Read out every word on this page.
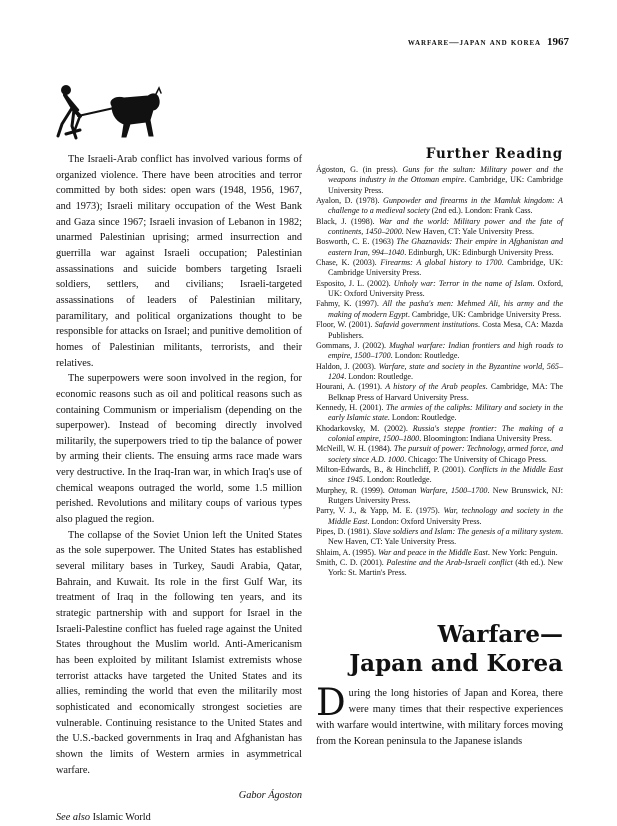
warfare—japan and korea 1967

The Israeli-Arab conflict has involved various forms of organized violence. There have been atrocities and terror committed by both sides: open wars (1948, 1956, 1967, and 1973); Israeli military occupation of the West Bank and Gaza since 1967; Israeli invasion of Lebanon in 1982; unarmed Palestinian uprising; armed insurrection and guerrilla war against Israeli occupation; Palestinian assassinations and suicide bombers targeting Israeli soldiers, settlers, and civilians; Israeli-targeted assassinations of leaders of Palestinian military, paramilitary, and political organizations thought to be responsible for attacks on Israel; and punitive demolition of homes of Palestinian militants, terrorists, and their relatives.

The superpowers were soon involved in the region, for economic reasons such as oil and political reasons such as containing Communism or imperialism (depending on the superpower). Instead of becoming directly involved militarily, the superpowers tried to tip the balance of power by arming their clients. The ensuing arms race made wars very destructive. In the Iraq-Iran war, in which Iraq's use of chemical weapons outraged the world, some 1.5 million perished. Revolutions and military coups of various types also plagued the region.

The collapse of the Soviet Union left the United States as the sole superpower. The United States has established several military bases in Turkey, Saudi Arabia, Qatar, Bahrain, and Kuwait. Its role in the first Gulf War, its treatment of Iraq in the following ten years, and its strategic partnership with and support for Israel in the Israeli-Palestine conflict has fueled rage against the United States throughout the Muslim world. Anti-Americanism has been exploited by militant Islamist extremists whose terrorist attacks have targeted the United States and its allies, reminding the world that even the militarily most sophisticated and economically strongest societies are vulnerable. Continuing resistance to the United States and the U.S.-backed governments in Iraq and Afghanistan has shown the limits of Western armies in asymmetrical warfare.

Gabor Ágoston
See also Islamic World
Further Reading

Ágoston, G. (in press). Guns for the sultan: Military power and the weapons industry in the Ottoman empire. Cambridge, UK: Cambridge University Press.

Ayalon, D. (1978). Gunpowder and firearms in the Mamluk kingdom: A challenge to a medieval society (2nd ed.). London: Frank Cass.

Black, J. (1998). War and the world: Military power and the fate of continents, 1450–2000. New Haven, CT: Yale University Press.

Bosworth, C. E. (1963) The Ghaznavids: Their empire in Afghanistan and eastern Iran, 994–1040. Edinburgh, UK: Edinburgh University Press.

Chase, K. (2003). Firearms: A global history to 1700. Cambridge, UK: Cambridge University Press.

Esposito, J. L. (2002). Unholy war: Terror in the name of Islam. Oxford, UK: Oxford University Press.

Fahmy, K. (1997). All the pasha's men: Mehmed Ali, his army and the making of modern Egypt. Cambridge, UK: Cambridge University Press.

Floor, W. (2001). Safavid government institutions. Costa Mesa, CA: Mazda Publishers.

Gommans, J. (2002). Mughal warfare: Indian frontiers and high roads to empire, 1500–1700. London: Routledge.

Haldon, J. (2003). Warfare, state and society in the Byzantine world, 565–1204. London: Routledge.

Hourani, A. (1991). A history of the Arab peoples. Cambridge, MA: The Belknap Press of Harvard University Press.

Kennedy, H. (2001). The armies of the caliphs: Military and society in the early Islamic state. London: Routledge.

Khodarkovsky, M. (2002). Russia's steppe frontier: The making of a colonial empire, 1500–1800. Bloomington: Indiana University Press.

McNeill, W. H. (1984). The pursuit of power: Technology, armed force, and society since A.D. 1000. Chicago: The University of Chicago Press.

Milton-Edwards, B., & Hinchcliff, P. (2001). Conflicts in the Middle East since 1945. London: Routledge.

Murphey, R. (1999). Ottoman Warfare, 1500–1700. New Brunswick, NJ: Rutgers University Press.

Parry, V. J., & Yapp, M. E. (1975). War, technology and society in the Middle East. London: Oxford University Press.

Pipes, D. (1981). Slave soldiers and Islam: The genesis of a military system. New Haven, CT: Yale University Press.

Shlaim, A. (1995). War and peace in the Middle East. New York: Penguin.

Smith, C. D. (2001). Palestine and the Arab-Israeli conflict (4th ed.). New York: St. Martin's Press.

Warfare—
Japan and Korea
During the long histories of Japan and Korea, there were many times that their respective experiences with warfare would intertwine, with military forces moving from the Korean peninsula to the Japanese islands
